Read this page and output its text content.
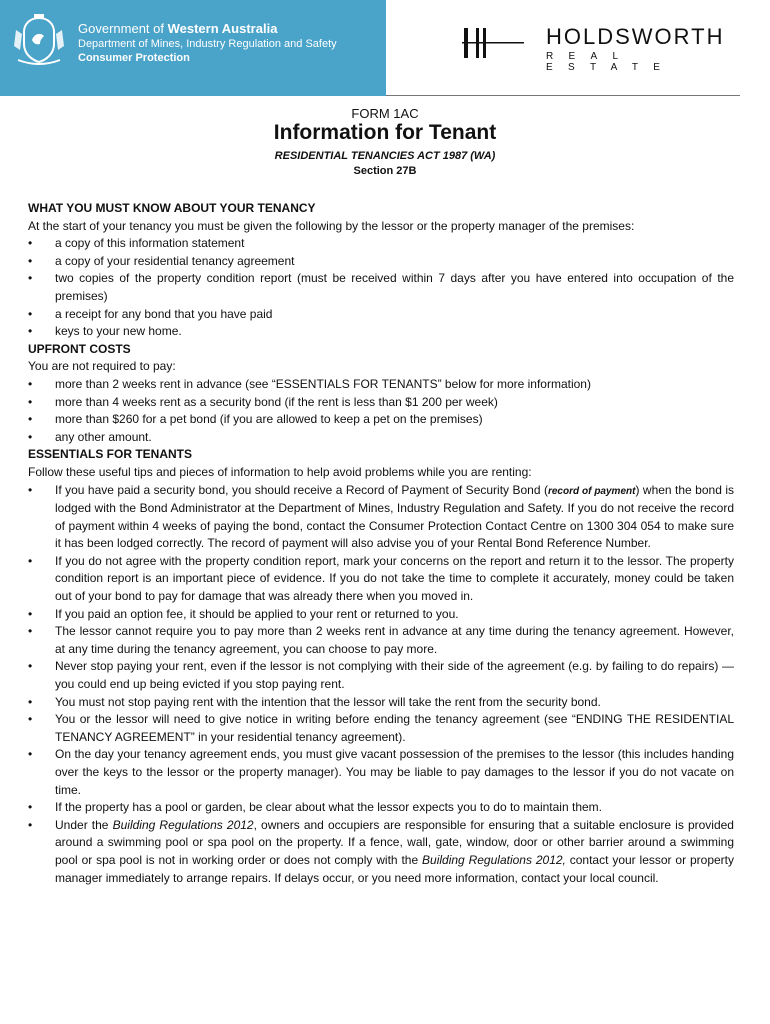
Government of Western Australia
Department of Mines, Industry Regulation and Safety
Consumer Protection
HOLDSWORTH
REAL ESTATE
FORM 1AC
Information for Tenant
RESIDENTIAL TENANCIES ACT 1987 (WA)
Section 27B
WHAT YOU MUST KNOW ABOUT YOUR TENANCY

At the start of your tenancy you must be given the following by the lessor or the property manager of the premises:

• a copy of this information statement
• a copy of your residential tenancy agreement
• two copies of the property condition report (must be received within 7 days after you have entered into occupation of the premises)
• a receipt for any bond that you have paid
• keys to your new home.
UPFRONT COSTS

You are not required to pay:

• more than 2 weeks rent in advance (see “ESSENTIALS FOR TENANTS” below for more information)
• more than 4 weeks rent as a security bond (if the rent is less than $1 200 per week)
• more than $260 for a pet bond (if you are allowed to keep a pet on the premises)
• any other amount.
ESSENTIALS FOR TENANTS

Follow these useful tips and pieces of information to help avoid problems while you are renting:

• If you have paid a security bond, you should receive a Record of Payment of Security Bond (record of payment) when the bond is lodged with the Bond Administrator at the Department of Mines, Industry Regulation and Safety. If you do not receive the record of payment within 4 weeks of paying the bond, contact the Consumer Protection Contact Centre on 1300 304 054 to make sure it has been lodged correctly. The record of payment will also advise you of your Rental Bond Reference Number.
• If you do not agree with the property condition report, mark your concerns on the report and return it to the lessor. The property condition report is an important piece of evidence. If you do not take the time to complete it accurately, money could be taken out of your bond to pay for damage that was already there when you moved in.
• If you paid an option fee, it should be applied to your rent or returned to you.
• The lessor cannot require you to pay more than 2 weeks rent in advance at any time during the tenancy agreement. However, at any time during the tenancy agreement, you can choose to pay more.
• Never stop paying your rent, even if the lessor is not complying with their side of the agreement (e.g. by failing to do repairs) — you could end up being evicted if you stop paying rent.
• You must not stop paying rent with the intention that the lessor will take the rent from the security bond.
• You or the lessor will need to give notice in writing before ending the tenancy agreement (see “ENDING THE RESIDENTIAL TENANCY AGREEMENT” in your residential tenancy agreement).
• On the day your tenancy agreement ends, you must give vacant possession of the premises to the lessor (this includes handing over the keys to the lessor or the property manager). You may be liable to pay damages to the lessor if you do not vacate on time.
• If the property has a pool or garden, be clear about what the lessor expects you to do to maintain them.
• Under the Building Regulations 2012, owners and occupiers are responsible for ensuring that a suitable enclosure is provided around a swimming pool or spa pool on the property. If a fence, wall, gate, window, door or other barrier around a swimming pool or spa pool is not in working order or does not comply with the Building Regulations 2012, contact your lessor or property manager immediately to arrange repairs. If delays occur, or you need more information, contact your local council.
